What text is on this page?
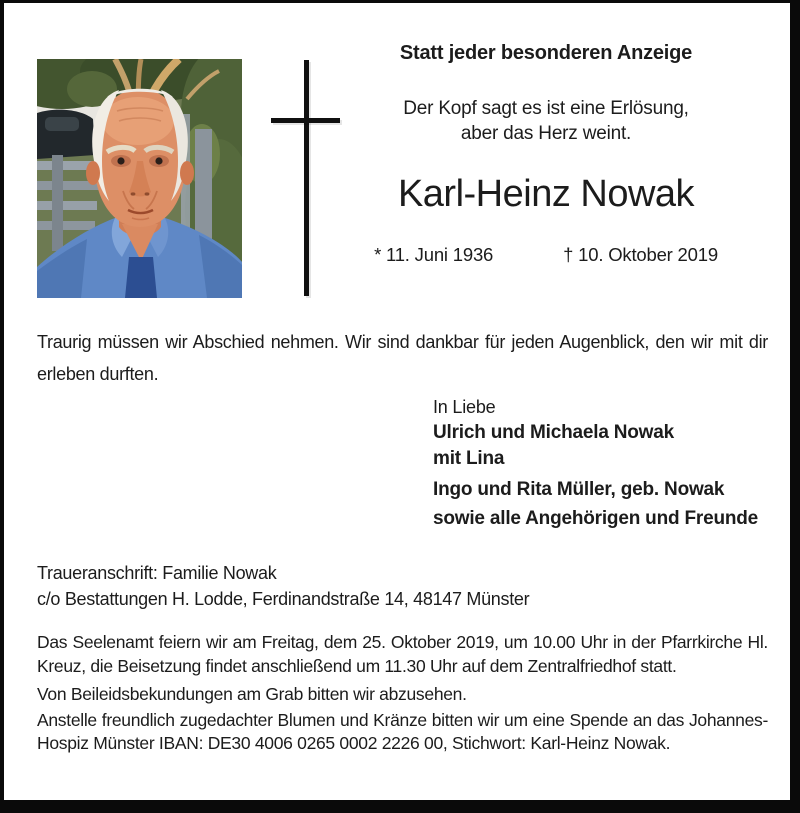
Statt jeder besonderen Anzeige
Der Kopf sagt es ist eine Erlösung,
aber das Herz weint.
Karl-Heinz Nowak
* 11. Juni 1936	† 10. Oktober 2019
Traurig müssen wir Abschied nehmen. Wir sind dankbar für jeden Augenblick, den wir mit dir erleben durften.
In Liebe
Ulrich und Michaela Nowak
mit Lina
Ingo und Rita Müller, geb. Nowak
sowie alle Angehörigen und Freunde
Traueranschrift: Familie Nowak
c/o Bestattungen H. Lodde, Ferdinandstraße 14, 48147 Münster
Das Seelenamt feiern wir am Freitag, dem 25. Oktober 2019, um 10.00 Uhr in der Pfarrkirche Hl. Kreuz, die Beisetzung findet anschließend um 11.30 Uhr auf dem Zentralfriedhof statt.
Von Beileidsbekundungen am Grab bitten wir abzusehen.
Anstelle freundlich zugedachter Blumen und Kränze bitten wir um eine Spende an das Johannes-Hospiz Münster IBAN: DE30 4006 0265 0002 2226 00, Stichwort: Karl-Heinz Nowak.
